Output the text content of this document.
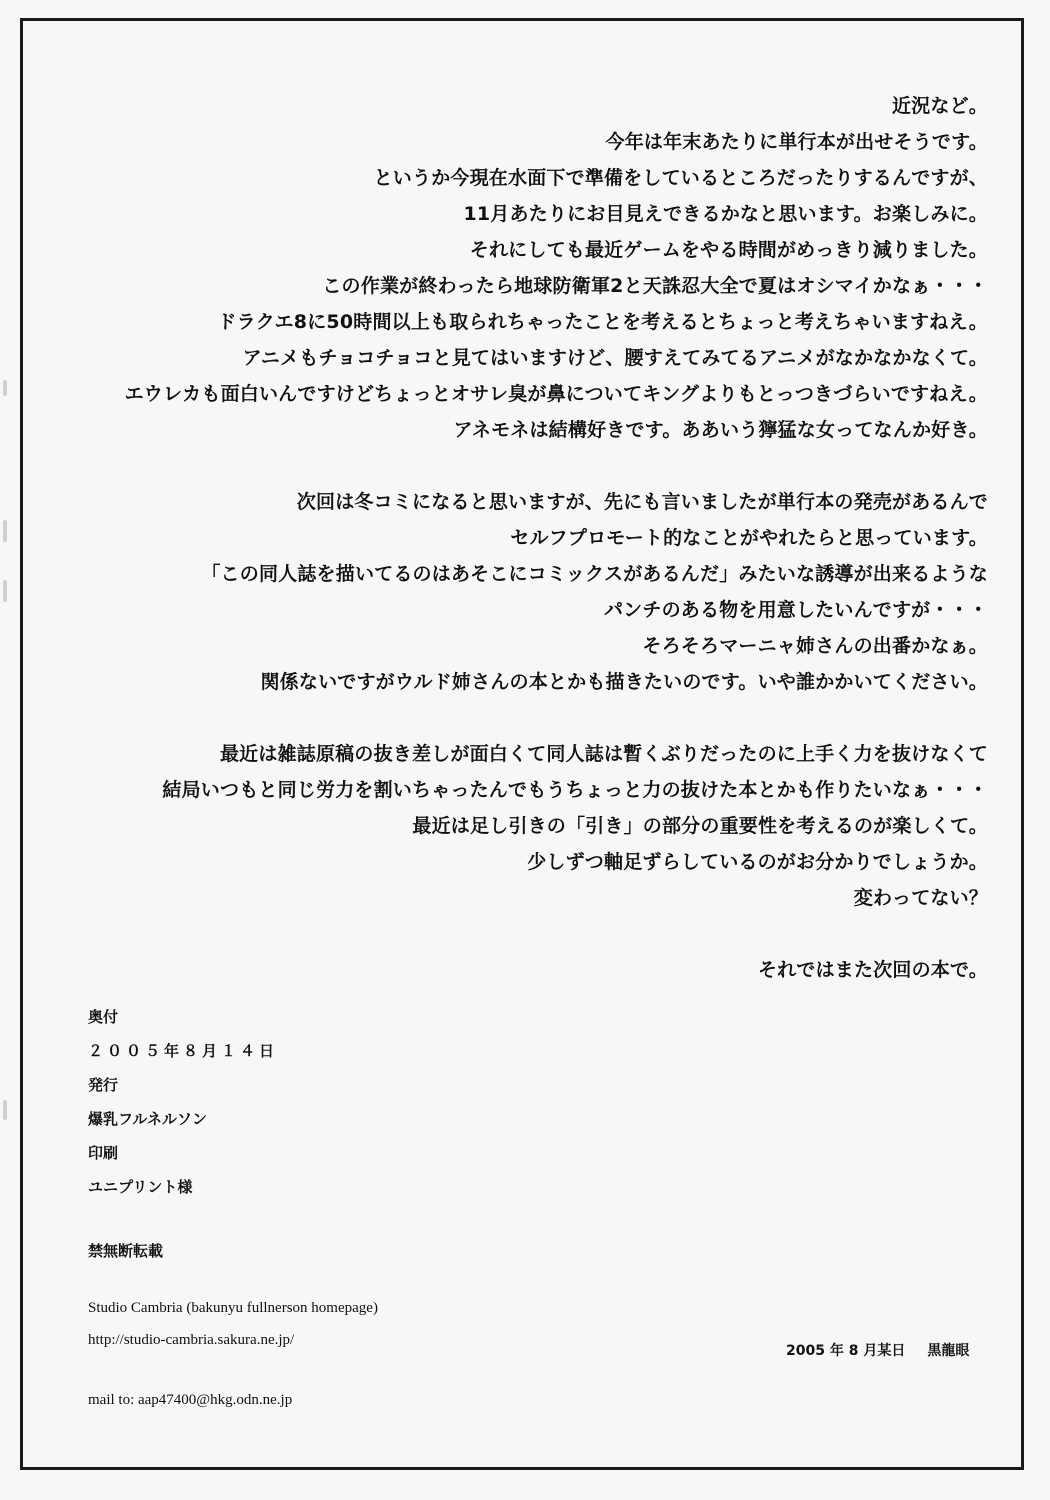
近況など。
今年は年末あたりに単行本が出せそうです。
というか今現在水面下で準備をしているところだったりするんですが、
11月あたりにお目見えできるかなと思います。お楽しみに。
それにしても最近ゲームをやる時間がめっきり減りました。
この作業が終わったら地球防衛軍2と天誅忍大全で夏はオシマイかなぁ・・・
ドラクエ8に50時間以上も取られちゃったことを考えるとちょっと考えちゃいますねえ。
アニメもチョコチョコと見てはいますけど、腰すえてみてるアニメがなかなかなくて。
エウレカも面白いんですけどちょっとオサレ臭が鼻についてキングよりもとっつきづらいですねえ。
アネモネは結構好きです。ああいう獰猛な女ってなんか好き。
次回は冬コミになると思いますが、先にも言いましたが単行本の発売があるんで
セルフプロモート的なことがやれたらと思っています。
「この同人誌を描いてるのはあそこにコミックスがあるんだ」みたいな誘導が出来るような
パンチのある物を用意したいんですが・・・
そろそろマーニャ姉さんの出番かなぁ。
関係ないですがウルド姉さんの本とかも描きたいのです。いや誰かかいてください。
最近は雑誌原稿の抜き差しが面白くて同人誌は暫くぶりだったのに上手く力を抜けなくて
結局いつもと同じ労力を割いちゃったんでもうちょっと力の抜けた本とかも作りたいなぁ・・・
最近は足し引きの「引き」の部分の重要性を考えるのが楽しくて。
少しずつ軸足ずらしているのがお分かりでしょうか。
変わってない？
それではまた次回の本で。
奥付
２００５年８月１４日
発行
爆乳フルネルソン
印刷
ユニプリント様
禁無断転載
Studio Cambria (bakunyu fullnerson homepage)
http://studio-cambria.sakura.ne.jp/
2005 年 8 月某日 黒龍眼
mail to: aap47400@hkg.odn.ne.jp
